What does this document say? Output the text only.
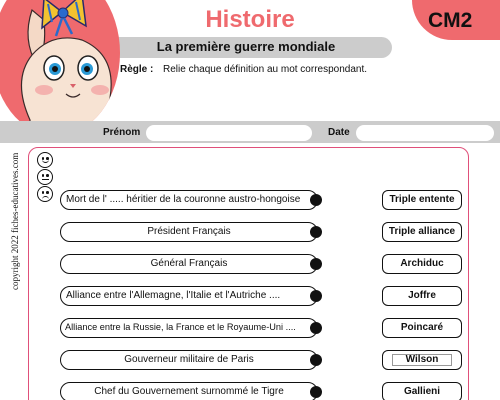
CM2
Histoire
La première guerre mondiale
Règle : Relie chaque définition au mot correspondant.
Prénom	Date
copyright 2022 fiches-educatives.com	Mort de l' ..... héritier de la couronne austro-hongoise
Président Français
Général Français
Alliance entre l'Allemagne, l'Italie et l'Autriche ....
Alliance entre la Russie, la France et le Royaume-Uni ....
Gouverneur militaire de Paris
Chef du Gouvernement surnommé le Tigre
Triple entente
Triple alliance
Archiduc
Joffre
Poincaré
Wilson
Gallieni
